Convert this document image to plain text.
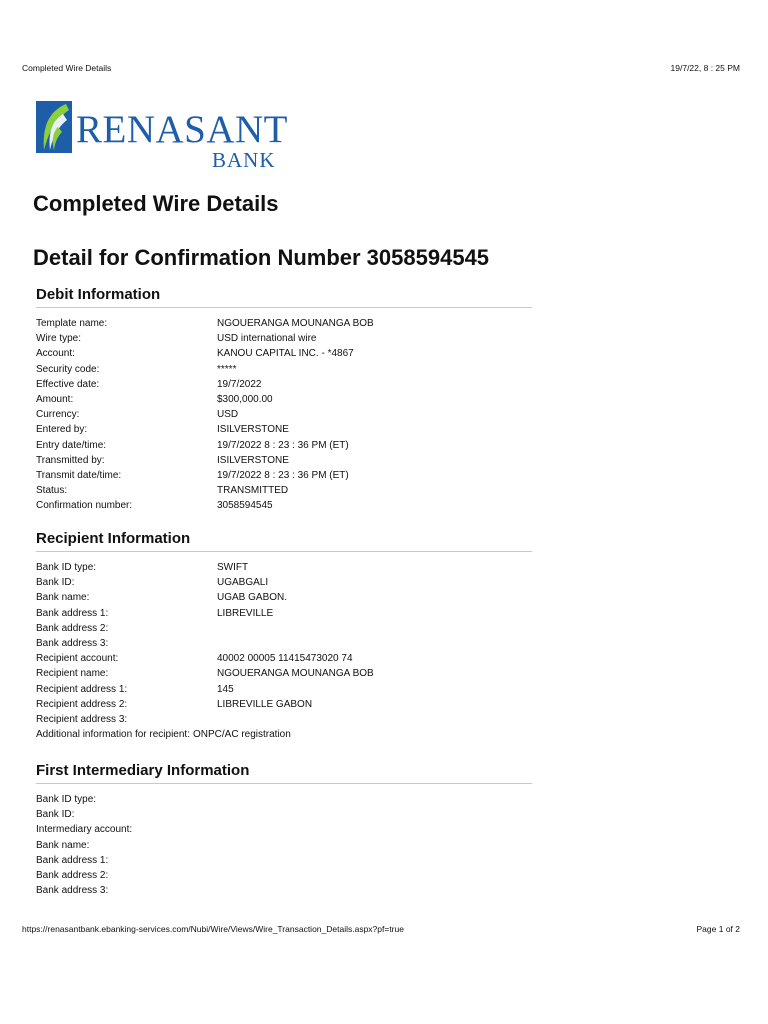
Completed Wire Details	19/7/22, 8 : 25 PM
RENASANT
BANK
Completed Wire Details
Detail for Confirmation Number 3058594545
Debit Information
Template name:	NGOUERANGA MOUNANGA BOB
Wire type:	USD international wire
Account:	KANOU CAPITAL INC. - *4867
Security code:	*****
Effective date:	19/7/2022
Amount:	$300,000.00
Currency:	USD
Entered by:	ISILVERSTONE
Entry date/time:	19/7/2022 8 : 23 : 36 PM (ET)
Transmitted by:	ISILVERSTONE
Transmit date/time:	19/7/2022 8 : 23 : 36 PM (ET)
Status:	TRANSMITTED
Confirmation number:	3058594545
Recipient Information
Bank ID type:	SWIFT
Bank ID:	UGABGALI
Bank name:	UGAB GABON.
Bank address 1:	LIBREVILLE
Bank address 2:
Bank address 3:
Recipient account:	40002 00005 11415473020 74
Recipient name:	NGOUERANGA MOUNANGA BOB
Recipient address 1:	145
Recipient address 2:	LIBREVILLE GABON
Recipient address 3:
Additional information for recipient: ONPC/AC registration
First Intermediary Information
Bank ID type:
Bank ID:
Intermediary account:
Bank name:
Bank address 1:
Bank address 2:
Bank address 3:
https://renasantbank.ebanking-services.com/Nubi/Wire/Views/Wire_Transaction_Details.aspx?pf=true	Page 1 of 2
